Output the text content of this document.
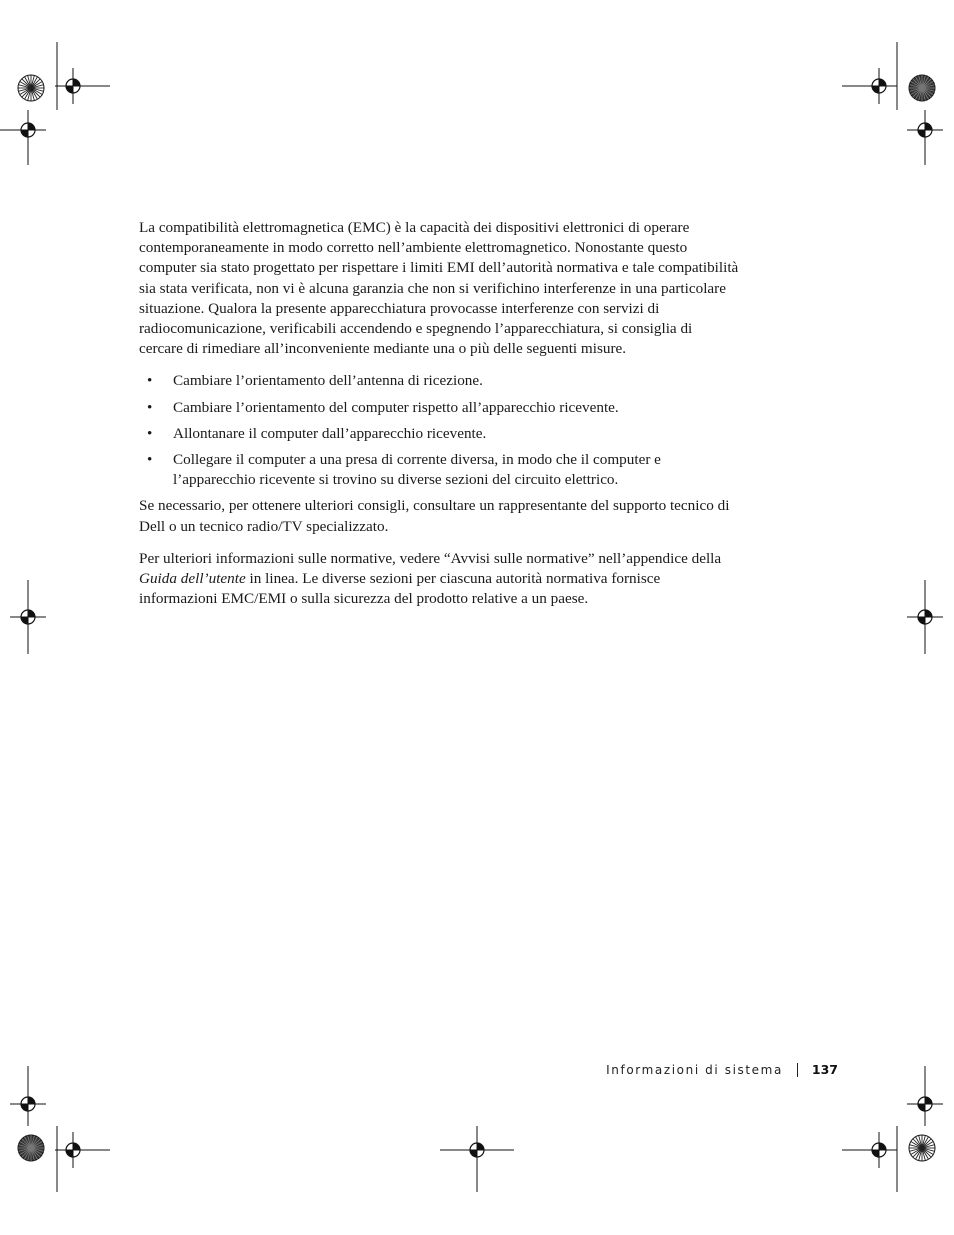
La compatibilità elettromagnetica (EMC) è la capacità dei dispositivi elettronici di operare contemporaneamente in modo corretto nell’ambiente elettromagnetico. Nonostante questo computer sia stato progettato per rispettare i limiti EMI dell’autorità normativa e tale compatibilità sia stata verificata, non vi è alcuna garanzia che non si verifichino interferenze in una particolare situazione. Qualora la presente apparecchiatura provocasse interferenze con servizi di radiocomunicazione, verificabili accendendo e spegnendo l’apparecchiatura, si consiglia di cercare di rimediare all’inconveniente mediante una o più delle seguenti misure.

• Cambiare l’orientamento dell’antenna di ricezione.
• Cambiare l’orientamento del computer rispetto all’apparecchio ricevente.
• Allontanare il computer dall’apparecchio ricevente.
• Collegare il computer a una presa di corrente diversa, in modo che il computer e l’apparecchio ricevente si trovino su diverse sezioni del circuito elettrico.

Se necessario, per ottenere ulteriori consigli, consultare un rappresentante del supporto tecnico di Dell o un tecnico radio/TV specializzato.

Per ulteriori informazioni sulle normative, vedere “Avvisi sulle normative” nell’appendice della Guida dell’utente in linea. Le diverse sezioni per ciascuna autorità normativa fornisce informazioni EMC/EMI o sulla sicurezza del prodotto relative a un paese.

Informazioni di sistema 137
